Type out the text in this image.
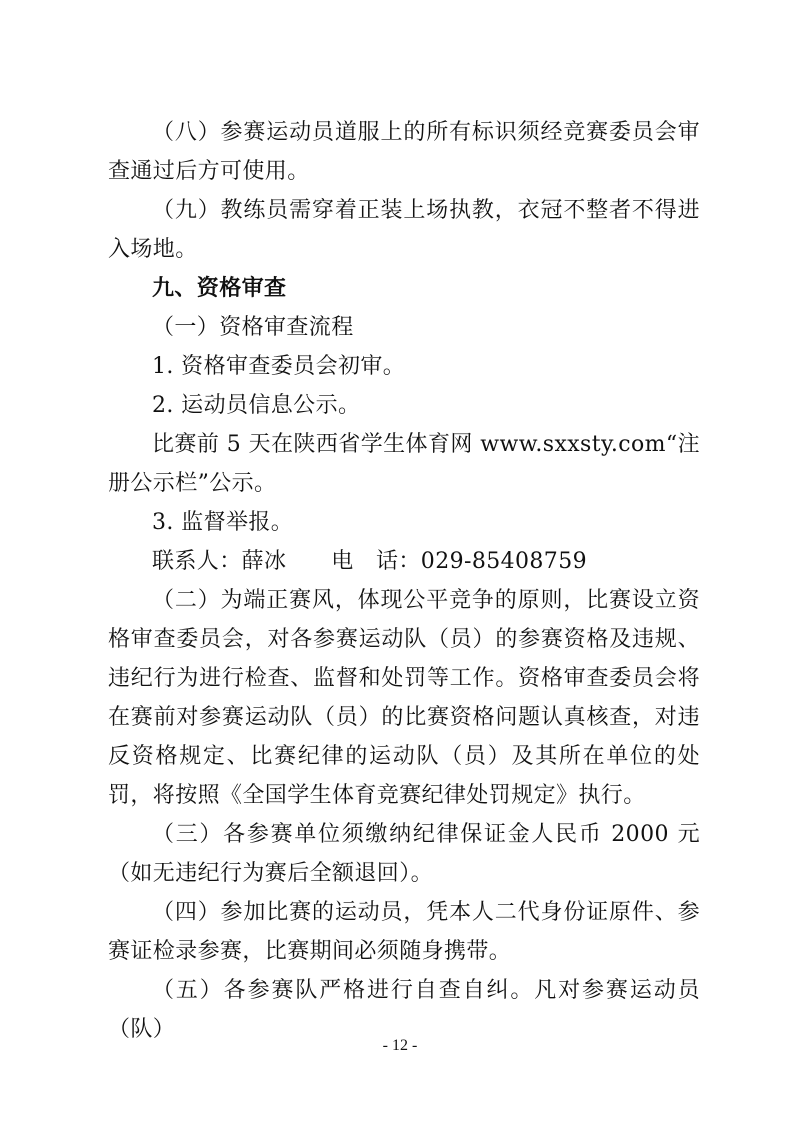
（八）参赛运动员道服上的所有标识须经竞赛委员会审查通过后方可使用。

（九）教练员需穿着正装上场执教，衣冠不整者不得进入场地。

九、资格审查

（一）资格审查流程

1. 资格审查委员会初审。

2. 运动员信息公示。

比赛前 5 天在陕西省学生体育网 www.sxxsty.com“注册公示栏”公示。

3. 监督举报。

联系人：薛冰　　电　话：029-85408759

（二）为端正赛风，体现公平竞争的原则，比赛设立资格审查委员会，对各参赛运动队（员）的参赛资格及违规、违纪行为进行检查、监督和处罚等工作。资格审查委员会将在赛前对参赛运动队（员）的比赛资格问题认真核查，对违反资格规定、比赛纪律的运动队（员）及其所在单位的处罚，将按照《全国学生体育竞赛纪律处罚规定》执行。

（三）各参赛单位须缴纳纪律保证金人民币 2000 元（如无违纪行为赛后全额退回）。

（四）参加比赛的运动员，凭本人二代身份证原件、参赛证检录参赛，比赛期间必须随身携带。

（五）各参赛队严格进行自查自纠。凡对参赛运动员（队）

- 12 -
